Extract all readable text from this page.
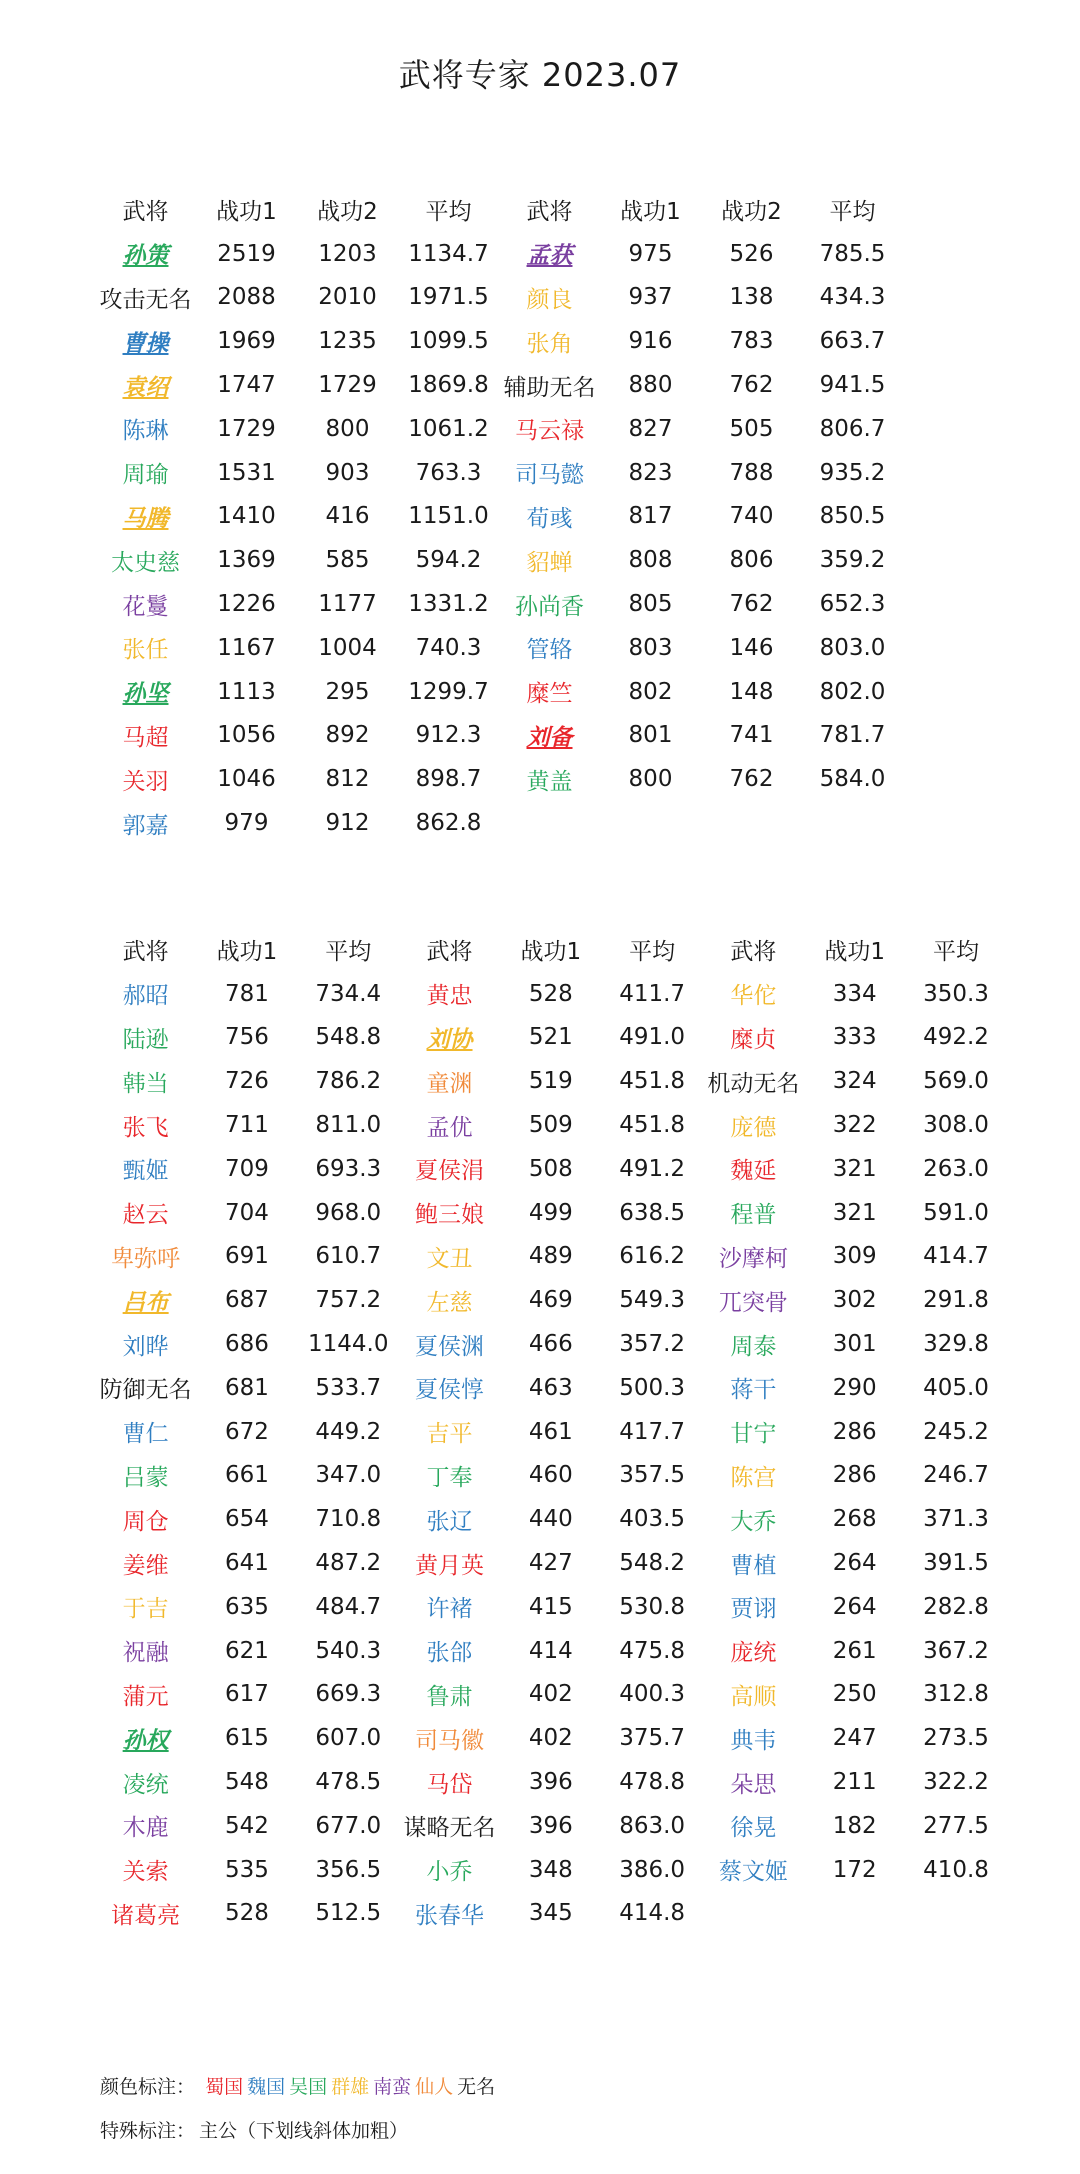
武将专家 2023.07
武将	战功1	战功2	平均	武将	战功1	战功2	平均
孙策	2519	1203	1134.7	孟获	975	526	785.5
攻击无名	2088	2010	1971.5	颜良	937	138	434.3
曹操	1969	1235	1099.5	张角	916	783	663.7
袁绍	1747	1729	1869.8	辅助无名	880	762	941.5
陈琳	1729	800	1061.2	马云禄	827	505	806.7
周瑜	1531	903	763.3	司马懿	823	788	935.2
马腾	1410	416	1151.0	荀彧	817	740	850.5
太史慈	1369	585	594.2	貂蝉	808	806	359.2
花鬘	1226	1177	1331.2	孙尚香	805	762	652.3
张任	1167	1004	740.3	管辂	803	146	803.0
孙坚	1113	295	1299.7	糜竺	802	148	802.0
马超	1056	892	912.3	刘备	801	741	781.7
关羽	1046	812	898.7	黄盖	800	762	584.0
郭嘉	979	912	862.8				
武将	战功1	平均	武将	战功1	平均	武将	战功1	平均
郝昭	781	734.4	黄忠	528	411.7	华佗	334	350.3
陆逊	756	548.8	刘协	521	491.0	糜贞	333	492.2
韩当	726	786.2	童渊	519	451.8	机动无名	324	569.0
张飞	711	811.0	孟优	509	451.8	庞德	322	308.0
甄姬	709	693.3	夏侯涓	508	491.2	魏延	321	263.0
赵云	704	968.0	鲍三娘	499	638.5	程普	321	591.0
卑弥呼	691	610.7	文丑	489	616.2	沙摩柯	309	414.7
吕布	687	757.2	左慈	469	549.3	兀突骨	302	291.8
刘晔	686	1144.0	夏侯渊	466	357.2	周泰	301	329.8
防御无名	681	533.7	夏侯惇	463	500.3	蒋干	290	405.0
曹仁	672	449.2	吉平	461	417.7	甘宁	286	245.2
吕蒙	661	347.0	丁奉	460	357.5	陈宫	286	246.7
周仓	654	710.8	张辽	440	403.5	大乔	268	371.3
姜维	641	487.2	黄月英	427	548.2	曹植	264	391.5
于吉	635	484.7	许褚	415	530.8	贾诩	264	282.8
祝融	621	540.3	张郃	414	475.8	庞统	261	367.2
蒲元	617	669.3	鲁肃	402	400.3	高顺	250	312.8
孙权	615	607.0	司马徽	402	375.7	典韦	247	273.5
凌统	548	478.5	马岱	396	478.8	朵思	211	322.2
木鹿	542	677.0	谋略无名	396	863.0	徐晃	182	277.5
关索	535	356.5	小乔	348	386.0	蔡文姬	172	410.8
诸葛亮	528	512.5	张春华	345	414.8			
颜色标注： 蜀国 魏国 吴国 群雄 南蛮 仙人 无名
特殊标注： 主公（下划线斜体加粗）
